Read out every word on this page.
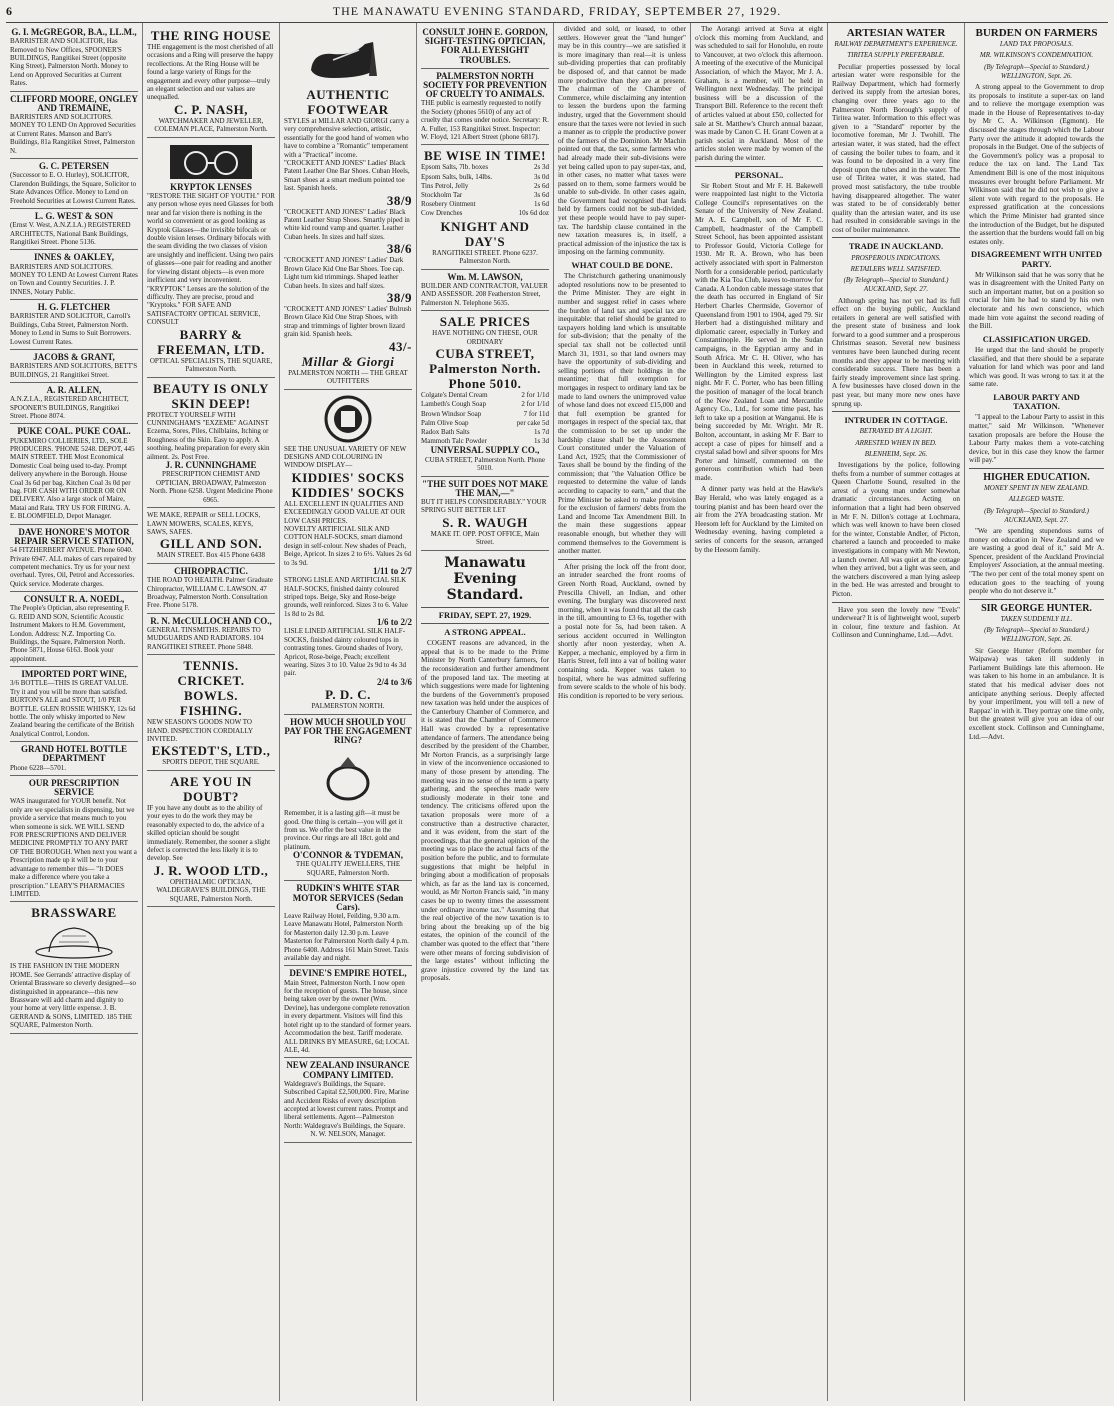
6	THE MANAWATU EVENING STANDARD, FRIDAY, SEPTEMBER 27, 1929.
G. I. McGREGOR, B.A., LL.M.,
BARRISTER AND SOLICITOR, Has Removed to New Offices, SPOONER'S BUILDINGS, Rangitikei Street (opposite King Street), Palmerston North. Money to Lend on Approved Securities at Current Rates.
CLIFFORD MOORE, ONGLEY AND TREMAINE,
BARRISTERS AND SOLICITORS. MONEY TO LEND On Approved Securities at Current Rates. Manson and Barr's Buildings, 81a Rangitikei Street, Palmerston N.
G. C. PETERSEN
(Successor to E. O. Hurley), SOLICITOR, Clarendon Buildings, the Square, Solicitor to State Advances Office. Money to Lend on Freehold Securities at Lowest Current Rates.
L. G. WEST & SON
(Ernst V. West, A.N.Z.I.A.) REGISTERED ARCHITECTS, National Bank Buildings, Rangitikei Street. Phone 5136.
INNES & OAKLEY,
BARRISTERS AND SOLICITORS. MONEY TO LEND At Lowest Current Rates on Town and Country Securities. J. P. INNES, Notary Public.
H. G. FLETCHER
BARRISTER AND SOLICITOR, Carroll's Buildings, Cuba Street, Palmerston North. Money to Lend in Sums to Suit Borrowers. Lowest Current Rates.
JACOBS & GRANT,
BARRISTERS AND SOLICITORS, BETT'S BUILDINGS, 21 Rangitikei Street.
A. R. ALLEN,
A.N.Z.I.A., REGISTERED ARCHITECT, SPOONER'S BUILDINGS, Rangitikei Street. Phone 8074.
PUKE COAL. PUKE COAL.
PUKEMIRO COLLIERIES, LTD., SOLE PRODUCERS. 'PHONE 5248. DEPOT, 445 MAIN STREET. THE Most Economical Domestic Coal being used to-day. Prompt delivery anywhere in the Borough. House Coal 3s 6d per bag. Kitchen Coal 3s 0d per bag. FOR CASH WITH ORDER OR ON DELIVERY. Also a large stock of Maire, Matai and Rata. TRY US FOR FIRING. A. E. BLOOMFIELD, Depot Manager.
DAVE HONORE'S MOTOR REPAIR SERVICE STATION,
54 FITZHERBERT AVENUE. Phone 6040. Private 6947. ALL makes of cars repaired by competent mechanics. Try us for your next overhaul. Tyres, Oil, Petrol and Accessories. Quick service. Moderate charges.
CONSULT R. A. NOEDL,
The People's Optician, also representing F. G. REID AND SON, Scientific Acoustic Instrument Makers to H.M. Government, London. Address: N.Z. Importing Co. Buildings, the Square, Palmerston North. Phone 5871, House 6163. Book your appointment.
IMPORTED PORT WINE,
3/6 BOTTLE—THIS IS GREAT VALUE. Try it and you will be more than satisfied. BURTON'S ALE and STOUT, 1/0 PER BOTTLE. GLEN ROSSIE WHISKY, 12s 6d bottle. The only whisky imported to New Zealand bearing the certificate of the British Analytical Control, London.
GRAND HOTEL BOTTLE DEPARTMENT
Phone 6228—5701.
OUR PRESCRIPTION SERVICE
WAS inaugurated for YOUR benefit. Not only are we specialists in dispensing, but we provide a service that means much to you when someone is sick. WE WILL SEND FOR PRESCRIPTIONS AND DELIVER MEDICINE PROMPTLY TO ANY PART OF THE BOROUGH. When next you want a Prescription made up it will be to your advantage to remember this— "It DOES make a difference where you take a prescription." LEARY'S PHARMACIES LIMITED.
BRASSWARE
IS THE FASHION IN THE MODERN HOME. See Gerrands' attractive display of Oriental Brassware so cleverly designed—so distinguished in appearance—this new Brassware will add charm and dignity to your home at very little expense. J. B. GERRAND & SONS, LIMITED. 185 THE SQUARE, Palmerston North.
THE RING HOUSE
THE engagement is the most cherished of all occasions and a Ring will preserve the happy recollections. At the Ring House will be found a large variety of Rings for the engagement and every other purpose—truly an elegant selection and our values are unequalled.
C. P. NASH,
WATCHMAKER AND JEWELLER, COLEMAN PLACE, Palmerston North.
KRYPTOK LENSES
"RESTORE THE SIGHT OF YOUTH." FOR any person whose eyes need Glasses for both near and far vision there is nothing in the world so convenient or as good looking as Kryptok Glasses—the invisible bifocals or double vision lenses. Ordinary bifocals with the seam dividing the two classes of vision are unsightly and inefficient. Using two pairs of glasses—one pair for reading and another for viewing distant objects—is even more inefficient and very inconvenient. "KRYPTOK" Lenses are the solution of the difficulty. They are precise, proud and "Kryptoks." FOR SAFE AND SATISFACTORY OPTICAL SERVICE, CONSULT
BARRY & FREEMAN, LTD.
OPTICAL SPECIALISTS, THE SQUARE, Palmerston North.
BEAUTY IS ONLY SKIN DEEP!
PROTECT YOURSELF WITH CUNNINGHAM'S "EXZEME" AGAINST Eczema, Sores, Piles, Chilblains, Itching or Roughness of the Skin. Easy to apply. A soothing, healing preparation for every skin ailment. 2s. Post Free.
J. R. CUNNINGHAME
PRESCRIPTION CHEMIST AND OPTICIAN, BROADWAY, Palmerston North. Phone 6258. Urgent Medicine Phone 6965.
WE MAKE, REPAIR or SELL LOCKS, LAWN MOWERS, SCALES, KEYS, SAWS, SAFES.
GILL AND SON.
MAIN STREET. Box 415 Phone 6438
CHIROPRACTIC.
THE ROAD TO HEALTH. Palmer Graduate Chiropractor, WILLIAM C. LAWSON. 47 Broadway, Palmerston North. Consultation Free. Phone 5178.
R. N. McCULLOCH AND CO.,
GENERAL TINSMITHS. REPAIRS TO MUDGUARDS AND RADIATORS. 104 RANGITIKEI STREET. Phone 5848.
TENNIS.
CRICKET.
BOWLS.
FISHING.
NEW SEASON'S GOODS NOW TO HAND. INSPECTION CORDIALLY INVITED.
EKSTEDT'S, LTD.,
SPORTS DEPOT, THE SQUARE.
ARE YOU IN DOUBT?
IF you have any doubt as to the ability of your eyes to do the work they may be reasonably expected to do, the advice of a skilled optician should be sought immediately. Remember, the sooner a slight defect is corrected the less likely it is to develop. See
J. R. WOOD LTD.,
OPHTHALMIC OPTICIAN, WALDEGRAVE'S BUILDINGS, THE SQUARE, Palmerston North.
AUTHENTIC FOOTWEAR
STYLES at MILLAR AND GIORGI carry a very comprehensive selection, artistic, essentially for the good hand of women who have to combine a "Romantic" temperament with a "Practical" income.
"CROCKETT AND JONES" Ladies' Black Patent Leather One Bar Shoes. Cuban Heels, Smart shoes at a smart medium pointed toe last. Spanish heels.
38/9
"CROCKETT AND JONES" Ladies' Black Patent Leather Strap Shoes. Smartly piped in white kid round vamp and quarter. Leather Cuban heels. In sizes and half sizes.
38/6
"CROCKETT AND JONES" Ladies' Dark Brown Glace Kid One Bar Shoes. Toe cap. Light turn kid trimmings. Shaped leather Cuban heels. In sizes and half sizes.
38/9
"CROCKETT AND JONES" Ladies' Bulrush Brown Glace Kid One Strap Shoes, with strap and trimmings of lighter brown lizard grain kid. Spanish heels.
43/-
Millar & Giorgi
PALMERSTON NORTH — THE GREAT OUTFITTERS
SEE THE UNUSUAL VARIETY OF NEW DESIGNS AND COLOURING IN WINDOW DISPLAY—
KIDDIES' SOCKS KIDDIES' SOCKS
ALL EXCELLENT IN QUALITIES AND EXCEEDINGLY GOOD VALUE AT OUR LOW CASH PRICES.
NOVELTY ARTIFICIAL SILK AND COTTON HALF-SOCKS, smart diamond design in self-colour. New shades of Peach, Beige, Apricot. In sizes 2 to 6½. Values 2s 6d to 3s 9d.
1/11 to 2/7
STRONG LISLE AND ARTIFICIAL SILK HALF-SOCKS, finished dainty coloured striped tops. Beige, Sky and Rose-beige grounds, well reinforced. Sizes 3 to 6. Value 1s 8d to 2s 8d.
1/6 to 2/2
LISLE LINED ARTIFICIAL SILK HALF-SOCKS, finished dainty coloured tops in contrasting tones. Ground shades of Ivory, Apricot, Rose-beige, Peach; excellent wearing. Sizes 3 to 10. Value 2s 9d to 4s 3d pair.
2/4 to 3/6
P. D. C.
PALMERSTON NORTH.
HOW MUCH SHOULD YOU PAY FOR THE ENGAGEMENT RING?
Remember, it is a lasting gift—it must be good. One thing is certain—you will get it from us. We offer the best value in the province. Our rings are all 18ct. gold and platinum.
O'CONNOR & TYDEMAN,
THE QUALITY JEWELLERS, THE SQUARE, Palmerston North.
RUDKIN'S WHITE STAR MOTOR SERVICES (Sedan Cars).
Leave Railway Hotel, Feilding, 9.30 a.m. Leave Manawatu Hotel, Palmerston North for Masterton daily 12.30 p.m. Leave Masterton for Palmerston North daily 4 p.m. Phone 6408. Address 161 Main Street. Taxis available day and night.
DEVINE'S EMPIRE HOTEL,
Main Street, Palmerston North. I now open for the reception of guests. The house, since being taken over by the owner (Wm. Devine), has undergone complete renovation in every department. Visitors will find this hotel right up to the standard of former years. Accommodation the best. Tariff moderate. ALL DRINKS BY MEASURE, 6d; LOCAL ALE, 4d.
NEW ZEALAND INSURANCE COMPANY LIMITED.
Waldegrave's Buildings, the Square. Subscribed Capital £2,500,000. Fire, Marine and Accident Risks of every description accepted at lowest current rates. Prompt and liberal settlements. Agent—Palmerston North: Waldegrave's Buildings, the Square.
N. W. NELSON, Manager.
CONSULT JOHN E. GORDON, SIGHT-TESTING OPTICIAN, FOR ALL EYESIGHT TROUBLES.
PALMERSTON NORTH SOCIETY FOR PREVENTION OF CRUELTY TO ANIMALS.
THE public is earnestly requested to notify the Society (phones 5610) of any act of cruelty that comes under notice. Secretary: R. A. Fuller, 153 Rangitikei Street. Inspector: W. Floyd, 121 Albert Street (phone 6817).
BE WISE IN TIME!
Epsom Salts, 7lb. boxes	2s 3d
Epsom Salts, bulk, 14lbs.	3s 0d
Tins Petrol, Jelly	2s 6d
Stockholm Tar	3s 6d
Rosebery Ointment	1s 6d
Cow Drenches	10s 6d doz
KNIGHT AND DAY'S
RANGITIKEI STREET. Phone 6237. Palmerston North.
Wm. M. LAWSON,
BUILDER AND CONTRACTOR, VALUER AND ASSESSOR. 208 Featherston Street, Palmerston N. Telephone 5635.
SALE PRICES
HAVE NOTHING ON THESE, OUR ORDINARY
CUBA STREET, Palmerston North. Phone 5010.
Colgate's Dental Cream	2 for 1/1d
Lambeth's Cough Soap	2 for 1/1d
Brown Windsor Soap	7 for 11d
Palm Olive Soap	per cake 5d
Radox Bath Salts	1s 7d
Mammoth Talc Powder	1s 3d
UNIVERSAL SUPPLY CO.,
CUBA STREET, Palmerston North. Phone 5010.
"THE SUIT DOES NOT MAKE THE MAN,—"
BUT IT HELPS CONSIDERABLY." YOUR SPRING SUIT BETTER LET
S. R. WAUGH
MAKE IT. OPP. POST OFFICE, Main Street.
Manawatu Evening Standard.
FRIDAY, SEPT. 27, 1929.
A STRONG APPEAL.

COGENT reasons are advanced, in the appeal that is to be made to the Prime Minister by North Canterbury farmers, for the reconsideration and further amendment of the proposed land tax. The meeting at which suggestions were made for lightening the burdens of the Government's proposed new taxation was held under the auspices of the Canterbury Chamber of Commerce, and it is stated that the Chamber of Commerce Hall was crowded by a representative attendance of farmers. The attendance being described by the president of the Chamber, Mr Norton Francis, as a surprisingly large in view of the inconvenience occasioned to many of those present by attending. The meeting was in no sense of the term a party gathering, and the speeches made were studiously moderate in their tone and tendency. The criticisms offered upon the taxation proposals were more of a constructive than a destructive character, and it was evident, from the start of the proceedings, that the general opinion of the meeting was to place the actual facts of the position before the public, and to formulate suggestions that might be helpful in bringing about a modification of proposals which, as far as the land tax is concerned, would, as Mr Norton Francis said, "in many cases be up to twenty times the assessment under ordinary income tax." Assuming that the real objective of the new taxation is to bring about the breaking up of the big estates, the opinion of the council of the chamber was quoted to the effect that "there were other means of forcing subdivision of the large estates" without inflicting the grave injustice covered by the land tax proposals.

divided and sold, or leased, to other settlers. However great the "land hunger" may be in this country—we are satisfied it is more imaginary than real—it is unless sub-dividing properties that can profitably be disposed of, and that cannot be made more productive than they are at present. The chairman of the Chamber of Commerce, while disclaiming any intention to lessen the burdens upon the farming industry, urged that the Government should ensure that the taxes were not levied in such a manner as to cripple the productive power of the farmers of the Dominion. Mr Machin pointed out that, the tax, some farmers who had already made their sub-divisions were yet being called upon to pay super-tax, and, in other cases, no matter what taxes were passed on to them, some farmers would be unable to sub-divide. In other cases again, the Government had recognised that lands held by farmers could not be sub-divided, yet these people would have to pay super-tax. The hardship clause contained in the new taxation measures is, in itself, a practical admission of the injustice the tax is imposing on the farming community.

WHAT COULD BE DONE.

The Christchurch gathering unanimously adopted resolutions now to be presented to the Prime Minister. They are eight in number and suggest relief in cases where the burden of land tax and special tax are inequitable: that relief should be granted to taxpayers holding land which is unsuitable for sub-division; that the penalty of the special tax shall not be collected until March 31, 1931, so that land owners may have the opportunity of sub-dividing and selling portions of their holdings in the meantime; that full exemption for mortgages in respect to ordinary land tax be made to land owners the unimproved value of whose land does not exceed £15,000 and that full exemption be granted for mortgages in respect of the special tax, that the commission to be set up under the hardship clause shall be the Assessment Court constituted under the Valuation of Land Act, 1925; that the Commissioner of Taxes shall be bound by the finding of the commission; that "the Valuation Office be requested to determine the value of lands according to capacity to earn," and that the Prime Minister be asked to make provision for the exclusion of farmers' debts from the Land and Income Tax Amendment Bill. In the main these suggestions appear reasonable enough, but whether they will commend themselves to the Government is another matter.

After prising the lock off the front door, an intruder searched the front rooms of Green North Road, Auckland, owned by Prescilla Chivell, an Indian, and other evening. The burglary was discovered next morning, when it was found that all the cash in the till, amounting to £3 6s, together with a postal note for 5s, had been taken. A serious accident occurred in Wellington shortly after noon yesterday, when A. Kepper, a mechanic, employed by a firm in Harris Street, fell into a vat of boiling water containing soda. Kepper was taken to hospital, where he was admitted suffering from severe scalds to the whole of his body. His condition is reported to be very serious.

The Aorangi arrived at Suva at eight o'clock this morning from Auckland, and was scheduled to sail for Honolulu, en route to Vancouver, at two o'clock this afternoon. A meeting of the executive of the Municipal Association, of which the Mayor, Mr J. A. Graham, is a member, will be held in Wellington next Wednesday. The principal business will be a discussion of the Transport Bill. Reference to the recent theft of articles valued at about £50, collected for sale at St. Matthew's Church annual bazaar, was made by Canon C. H. Grant Cowen at a parish social in Auckland. Most of the articles stolen were made by women of the parish during the winter.

PERSONAL.

Sir Robert Stout and Mr F. H. Bakewell were reappointed last night to the Victoria College Council's representatives on the Senate of the University of New Zealand. Mr A. E. Campbell, son of Mr F. C. Campbell, headmaster of the Campbell Street School, has been appointed assistant to Professor Gould, Victoria College for 1930. Mr R. A. Brown, who has been actively associated with sport in Palmerston North for a considerable period, particularly with the Kia Toa Club, leaves to-morrow for Canada. A London cable message states that the death has occurred in England of Sir Herbert Charles Chermside, Governor of Queensland from 1901 to 1904, aged 79. Sir Herbert had a distinguished military and diplomatic career, especially in Turkey and Constantinople. He served in the Sudan campaigns, in the Egyptian army and in South Africa. Mr C. H. Oliver, who has been in Auckland this week, returned to Wellington by the Limited express last night. Mr F. C. Porter, who has been filling the position of manager of the local branch of the New Zealand Loan and Mercantile Agency Co., Ltd., for some time past, has left to take up a position at Wanganui. He is being succeeded by Mr. Wright. Mr R. Bolton, accountant, in asking Mr F. Barr to accept a case of pipes for himself and a crystal salad bowl and silver spoons for Mrs Porter and himself, commented on the generous contribution which had been made.

A dinner party was held at the Hawke's Bay Herald, who was lately engaged as a touring pianist and has been heard over the air from the 2YA broadcasting station. Mr Heesom left for Auckland by the Limited on Wednesday evening, having completed a series of concerts for the season, arranged by the Heesom family.

ARTESIAN WATER
RAILWAY DEPARTMENT'S EXPERIENCE.
TIRITEA SUPPLY PREFERABLE.

Peculiar properties possessed by local artesian water were responsible for the Railway Department, which had formerly derived its supply from the artesian bores, changing over three years ago to the Palmerston North Borough's supply of Tiritea water. Information to this effect was given to a "Standard" reporter by the locomotive foreman, Mr J. Twohill. The artesian water, it was stated, had the effect of causing the boiler tubes to foam, and it was found to be deposited in a very fine deposit upon the tubes and in the water. The use of Tiritea water, it was stated, had proved most satisfactory, the tube trouble having disappeared altogether. The water was stated to be of considerably better quality than the artesian water, and its use had resulted in considerable savings in the cost of boiler maintenance.

TRADE IN AUCKLAND.
PROSPEROUS INDICATIONS.
RETAILERS WELL SATISFIED.
(By Telegraph—Special to Standard.) AUCKLAND, Sept. 27.

Although spring has not yet had its full effect on the buying public, Auckland retailers in general are well satisfied with the present state of business and look forward to a good summer and a prosperous Christmas season. Several new business ventures have been launched during recent months and they appear to be meeting with considerable success. There has been a fairly steady improvement since last spring. A few businesses have closed down in the past year, but many more new ones have sprung up.

INTRUDER IN COTTAGE.
BETRAYED BY A LIGHT.
ARRESTED WHEN IN BED.
BLENHEIM, Sept. 26.

Investigations by the police, following thefts from a number of summer cottages at Queen Charlotte Sound, resulted in the arrest of a young man under somewhat dramatic circumstances. Acting on information that a light had been observed in Mr F. N. Dillon's cottage at Lochmara, which was well known to have been closed for the winter, Constable Andler, of Picton, chartered a launch and proceeded to make investigations in company with Mr Newton, a launch owner. All was quiet at the cottage when they arrived, but a light was seen, and the watchers discovered a man lying asleep in the bed. He was arrested and brought to Picton.

Have you seen the lovely new "Evels" underwear? It is of lightweight wool, superb in colour, fine texture and fashion. At Collinson and Cunninghame, Ltd.—Advt.

BURDEN ON FARMERS
LAND TAX PROPOSALS.
MR. WILKINSON'S CONDEMNATION.
(By Telegraph—Special to Standard.) WELLINGTON, Sept. 26.

A strong appeal to the Government to drop its proposals to institute a super-tax on land and to relieve the mortgage exemption was made in the House of Representatives to-day by Mr C. A. Wilkinson (Egmont). He discussed the stages through which the Labour Party over the attitude it adopted towards the proposals in the Budget. One of the subjects of the Government's policy was a proposal to reduce the tax on land. The Land Tax Amendment Bill is one of the most iniquitous measures ever brought before Parliament. Mr Wilkinson said that he did not wish to give a silent vote with regard to the proposals. He expressed gratification at the concessions which the Prime Minister had granted since the introduction of the Budget, but he disputed the assertion that the burdens would fall on big estates only.

DISAGREEMENT WITH UNITED PARTY.

Mr Wilkinson said that he was sorry that he was in disagreement with the United Party on such an important matter, but on a position so crucial for him he had to stand by his own electorate and his own conscience, which made him vote against the second reading of the Bill.

CLASSIFICATION URGED.

He urged that the land should be properly classified, and that there should be a separate valuation for land which was poor and land which was good. It was wrong to tax it at the same rate.

LABOUR PARTY AND TAXATION.

"I appeal to the Labour Party to assist in this matter," said Mr Wilkinson. "Whenever taxation proposals are before the House the Labour Party makes them a vote-catching device, but in this case they know the farmer will pay."

HIGHER EDUCATION.
MONEY SPENT IN NEW ZEALAND.
ALLEGED WASTE.
(By Telegraph—Special to Standard.) AUCKLAND, Sept. 27.

"We are spending stupendous sums of money on education in New Zealand and we are wasting a good deal of it," said Mr A. Spencer, president of the Auckland Provincial Employers' Association, at the annual meeting. "The two per cent of the total money spent on education goes to the teaching of young people who do not deserve it."

SIR GEORGE HUNTER.
TAKEN SUDDENLY ILL.
(By Telegraph—Special to Standard.) WELLINGTON, Sept. 26.

Sir George Hunter (Reform member for Waipawa) was taken ill suddenly in Parliament Buildings late this afternoon. He was taken to his home in an ambulance. It is stated that his medical adviser does not anticipate anything serious. Deeply affected by your imperilment, you will tell a new of Rappaz' in with it. They portray one time only, but the greatest will give you an idea of our excellent stock. Collinson and Cunninghame, Ltd.—Advt.
